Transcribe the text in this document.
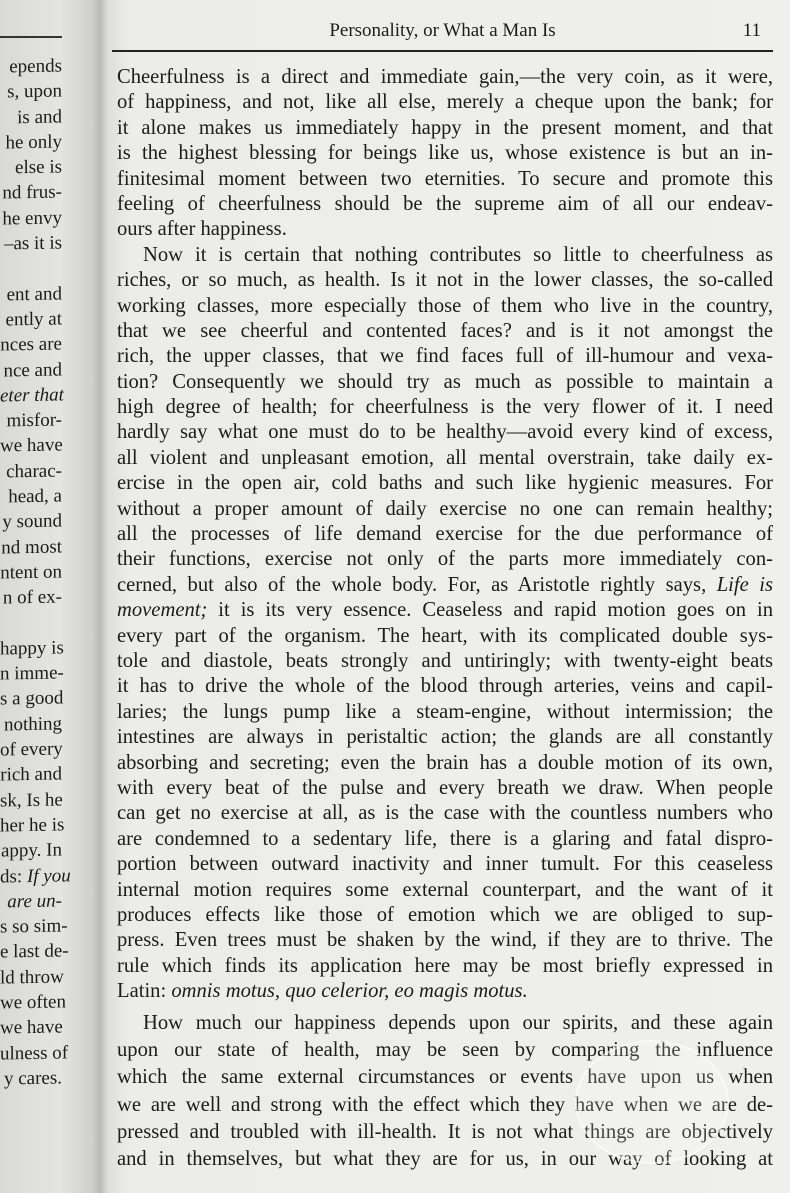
epends
s, upon
is and
he only
else is
nd frus-
he envy
–as it is
ent and
ently at
nces are
nce and
eter that
misfor-
we have
charac-
head, a
y sound
nd most
ntent on
n of ex-
happy is
n imme-
s a good
nothing
of every
rich and
sk, Is he
her he is
appy. In
ds: If you
are un-
s so sim-
e last de-
ld throw
we often
we have
ulness of
y cares.
Personality, or What a Man Is	11
Cheerfulness is a direct and immediate gain,—the very coin, as it were,
of happiness, and not, like all else, merely a cheque upon the bank; for
it alone makes us immediately happy in the present moment, and that
is the highest blessing for beings like us, whose existence is but an in-
finitesimal moment between two eternities. To secure and promote this
feeling of cheerfulness should be the supreme aim of all our endeav-
ours after happiness.
Now it is certain that nothing contributes so little to cheerfulness as
riches, or so much, as health. Is it not in the lower classes, the so-called
working classes, more especially those of them who live in the country,
that we see cheerful and contented faces? and is it not amongst the
rich, the upper classes, that we find faces full of ill-humour and vexa-
tion? Consequently we should try as much as possible to maintain a
high degree of health; for cheerfulness is the very flower of it. I need
hardly say what one must do to be healthy—avoid every kind of excess,
all violent and unpleasant emotion, all mental overstrain, take daily ex-
ercise in the open air, cold baths and such like hygienic measures. For
without a proper amount of daily exercise no one can remain healthy;
all the processes of life demand exercise for the due performance of
their functions, exercise not only of the parts more immediately con-
cerned, but also of the whole body. For, as Aristotle rightly says, Life is
movement; it is its very essence. Ceaseless and rapid motion goes on in
every part of the organism. The heart, with its complicated double sys-
tole and diastole, beats strongly and untiringly; with twenty-eight beats
it has to drive the whole of the blood through arteries, veins and capil-
laries; the lungs pump like a steam-engine, without intermission; the
intestines are always in peristaltic action; the glands are all constantly
absorbing and secreting; even the brain has a double motion of its own,
with every beat of the pulse and every breath we draw. When people
can get no exercise at all, as is the case with the countless numbers who
are condemned to a sedentary life, there is a glaring and fatal dispro-
portion between outward inactivity and inner tumult. For this ceaseless
internal motion requires some external counterpart, and the want of it
produces effects like those of emotion which we are obliged to sup-
press. Even trees must be shaken by the wind, if they are to thrive. The
rule which finds its application here may be most briefly expressed in
Latin: omnis motus, quo celerior, eo magis motus.
How much our happiness depends upon our spirits, and these again
upon our state of health, may be seen by comparing the influence
which the same external circumstances or events have upon us when
we are well and strong with the effect which they have when we are de-
pressed and troubled with ill-health. It is not what things are objectively
and in themselves, but what they are for us, in our way of looking at
